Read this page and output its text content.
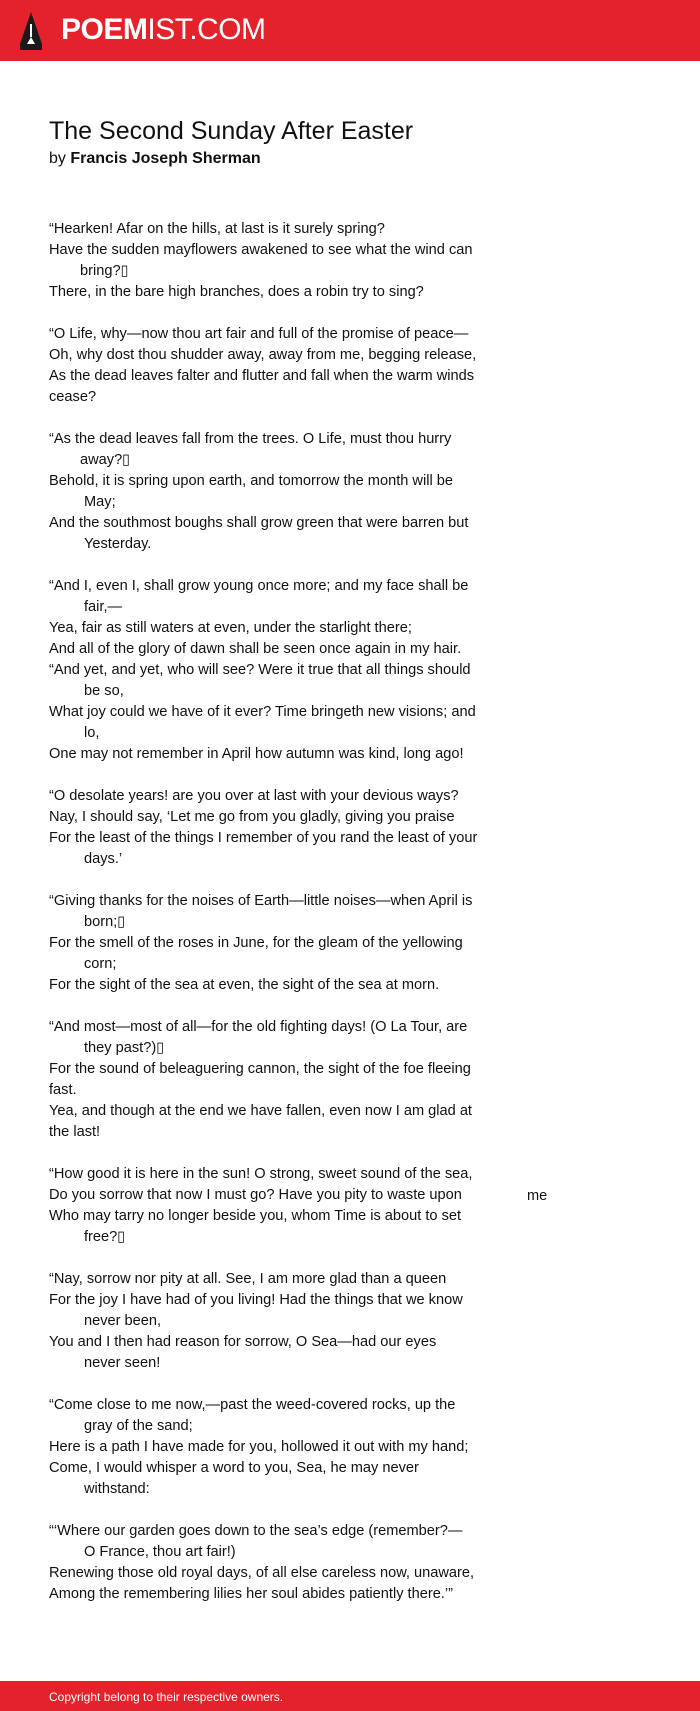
POEMIST.COM
The Second Sunday After Easter
by Francis Joseph Sherman
“Hearken! Afar on the hills, at last is it surely spring?
Have the sudden mayflowers awakened to see what the wind can
bring?▯
There, in the bare high branches, does a robin try to sing?
“O Life, why—now thou art fair and full of the promise of peace—
Oh, why dost thou shudder away, away from me, begging release,
As the dead leaves falter and flutter and fall when the warm winds
cease?
“As the dead leaves fall from the trees. O Life, must thou hurry
away?▯
Behold, it is spring upon earth, and tomorrow the month will be
May;
And the southmost boughs shall grow green that were barren but
Yesterday.
“And I, even I, shall grow young once more; and my face shall be
fair,—
Yea, fair as still waters at even, under the starlight there;
And all of the glory of dawn shall be seen once again in my hair.
“And yet, and yet, who will see? Were it true that all things should
be so,
What joy could we have of it ever? Time bringeth new visions; and
lo,
One may not remember in April how autumn was kind, long ago!
“O desolate years! are you over at last with your devious ways?
Nay, I should say, ‘Let me go from you gladly, giving you praise
For the least of the things I remember of you rand the least of your
days.’
“Giving thanks for the noises of Earth—little noises—when April is
born;▯
For the smell of the roses in June, for the gleam of the yellowing
corn;
For the sight of the sea at even, the sight of the sea at morn.
“And most—most of all—for the old fighting days! (O La Tour, are
they past?)▯
For the sound of beleaguering cannon, the sight of the foe fleeing
fast.
Yea, and though at the end we have fallen, even now I am glad at
the last!
“How good it is here in the sun! O strong, sweet sound of the sea,
Do you sorrow that now I must go? Have you pity to waste upon
Who may tarry no longer beside you, whom Time is about to set
free?▯
“Nay, sorrow nor pity at all. See, I am more glad than a queen
For the joy I have had of you living! Had the things that we know
never been,
You and I then had reason for sorrow, O Sea—had our eyes
never seen!
“Come close to me now,—past the weed-covered rocks, up the
gray of the sand;
Here is a path I have made for you, hollowed it out with my hand;
Come, I would whisper a word to you, Sea, he may never
withstand:
“‘Where our garden goes down to the sea’s edge (remember?—
O France, thou art fair!)
Renewing those old royal days, of all else careless now, unaware,
Among the remembering lilies her soul abides patiently there.’”
me
Copyright belong to their respective owners.
